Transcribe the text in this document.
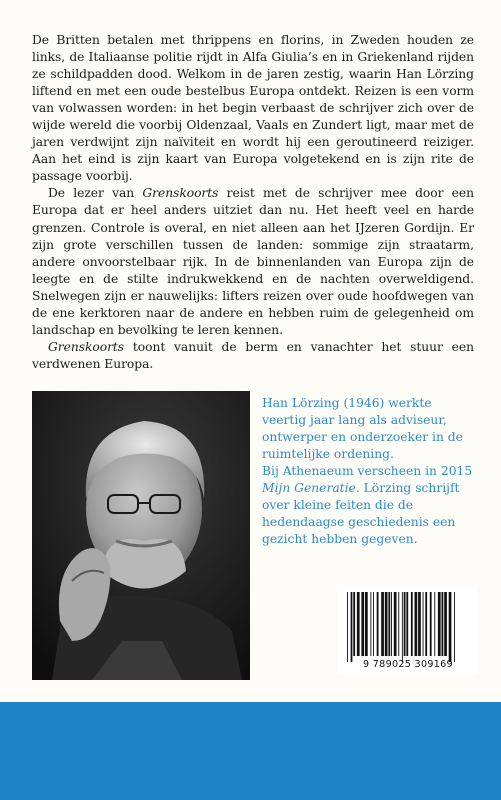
De Britten betalen met thrippens en florins, in Zweden houden ze links, de Italiaanse politie rijdt in Alfa Giulia’s en in Griekenland rijden ze schildpadden dood. Welkom in de jaren zestig, waarin Han Lörzing liftend en met een oude bestelbus Europa ontdekt. Reizen is een vorm van volwassen worden: in het begin verbaast de schrijver zich over de wijde wereld die voorbij Oldenzaal, Vaals en Zundert ligt, maar met de jaren verdwijnt zijn naïviteit en wordt hij een geroutineerd reiziger. Aan het eind is zijn kaart van Europa volgetekend en is zijn rite de passage voorbij.

De lezer van Grenskoorts reist met de schrijver mee door een Europa dat er heel anders uitziet dan nu. Het heeft veel en harde grenzen. Controle is overal, en niet alleen aan het IJzeren Gordijn. Er zijn grote verschillen tussen de landen: sommige zijn straatarm, andere onvoorstelbaar rijk. In de binnenlanden van Europa zijn de leegte en de stilte indrukwekkend en de nachten overweldigend. Snelwegen zijn er nauwelijks: lifters reizen over oude hoofdwegen van de ene kerktoren naar de andere en hebben ruim de gelegenheid om landschap en bevolking te leren kennen.

Grenskoorts toont vanuit de berm en vanachter het stuur een verdwenen Europa.

Han Lörzing (1946) werkte veertig jaar lang als adviseur, ontwerper en onderzoeker in de ruimtelijke ordening.

Bij Athenaeum verscheen in 2015 Mijn Generatie. Lörzing schrijft over kleine feiten die de hedendaagse geschiedenis een gezicht hebben gegeven.

9 789025 309169
